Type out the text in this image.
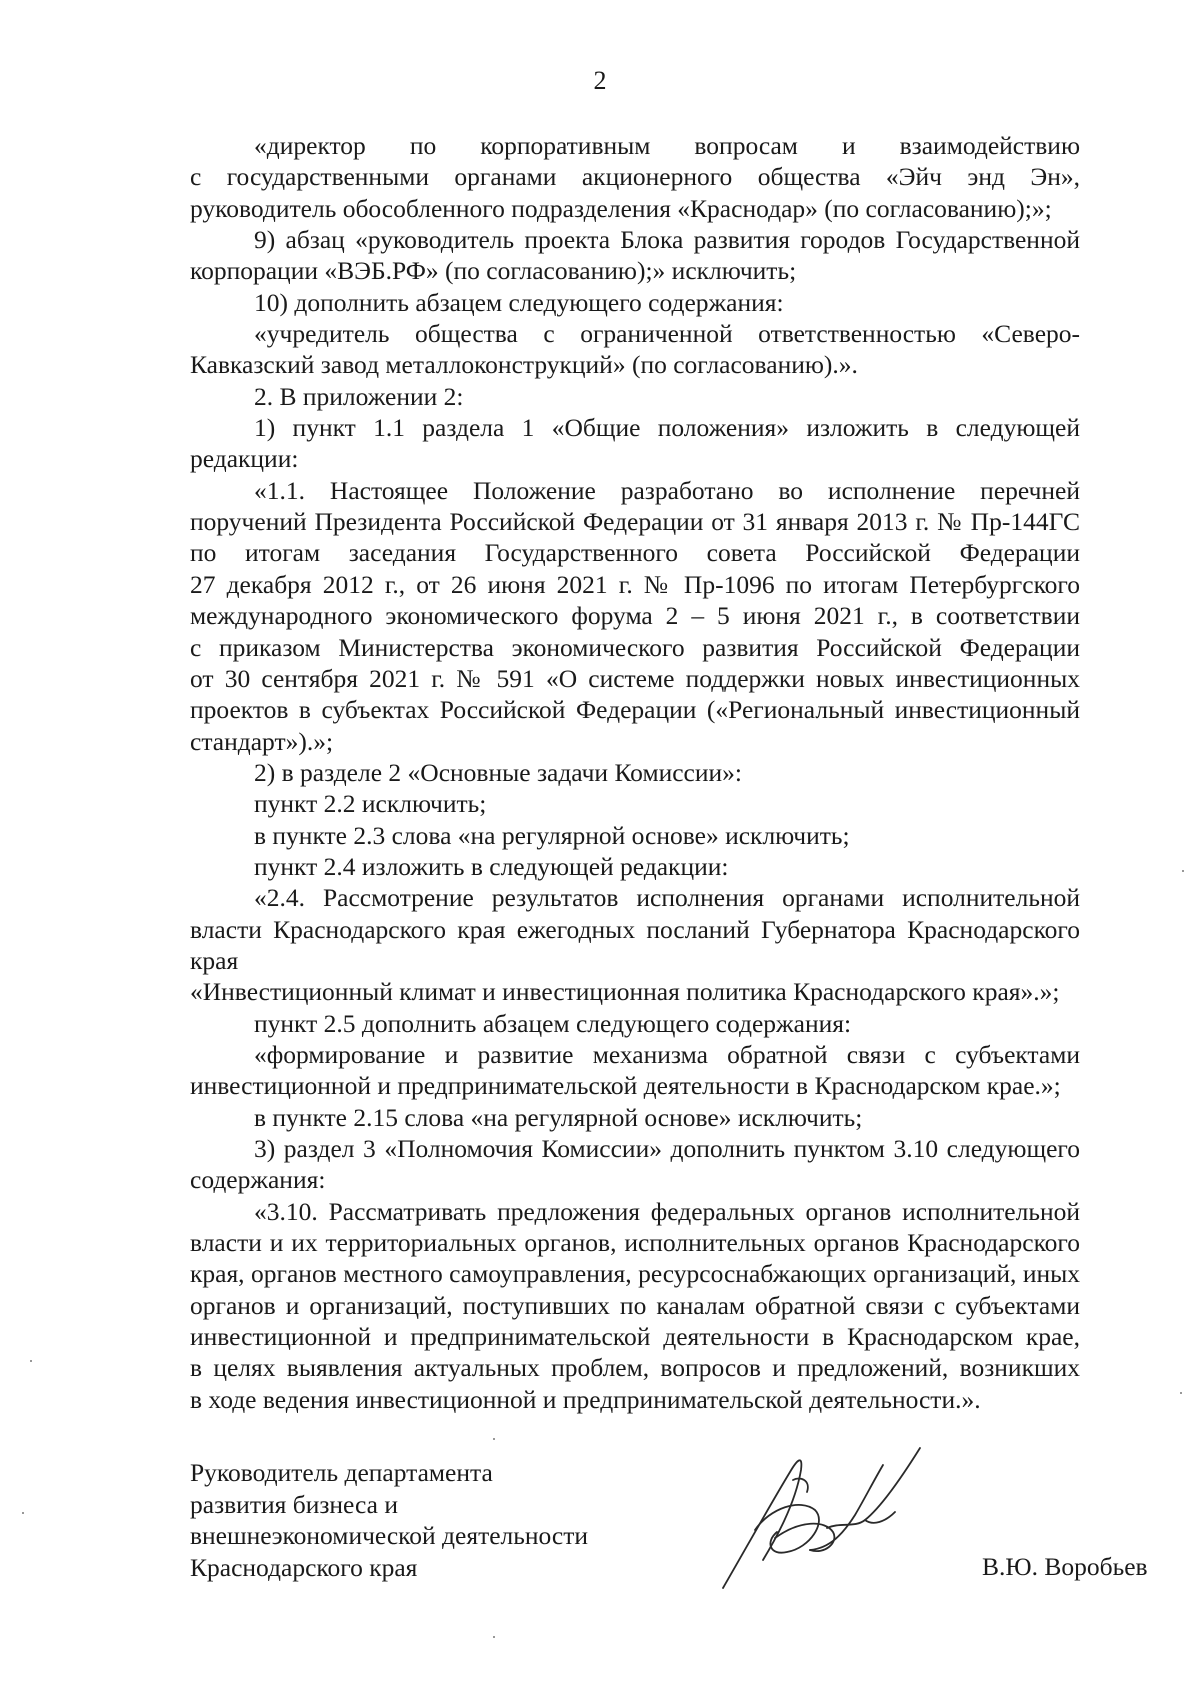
2

«директор по корпоративным вопросам и взаимодействию
с государственными органами акционерного общества «Эйч энд Эн»,
руководитель обособленного подразделения «Краснодар» (по согласованию);»;

9) абзац «руководитель проекта Блока развития городов Государственной
корпорации «ВЭБ.РФ» (по согласованию);» исключить;

10) дополнить абзацем следующего содержания:

«учредитель общества с ограниченной ответственностью «Северо-
Кавказский завод металлоконструкций» (по согласованию).».

2. В приложении 2:

1) пункт 1.1 раздела 1 «Общие положения» изложить в следующей
редакции:

«1.1. Настоящее Положение разработано во исполнение перечней
поручений Президента Российской Федерации от 31 января 2013 г. № Пр-144ГС
по итогам заседания Государственного совета Российской Федерации
27 декабря 2012 г., от 26 июня 2021 г. № Пр-1096 по итогам Петербургского
международного экономического форума 2 – 5 июня 2021 г., в соответствии
с приказом Министерства экономического развития Российской Федерации
от 30 сентября 2021 г. № 591 «О системе поддержки новых инвестиционных
проектов в субъектах Российской Федерации («Региональный инвестиционный
стандарт»).»;

2) в разделе 2 «Основные задачи Комиссии»:

пункт 2.2 исключить;

в пункте 2.3 слова «на регулярной основе» исключить;

пункт 2.4 изложить в следующей редакции:

«2.4. Рассмотрение результатов исполнения органами исполнительной
власти Краснодарского края ежегодных посланий Губернатора Краснодарского края
«Инвестиционный климат и инвестиционная политика Краснодарского края».»;

пункт 2.5 дополнить абзацем следующего содержания:

«формирование и развитие механизма обратной связи с субъектами
инвестиционной и предпринимательской деятельности в Краснодарском крае.»;

в пункте 2.15 слова «на регулярной основе» исключить;

3) раздел 3 «Полномочия Комиссии» дополнить пунктом 3.10 следующего
содержания:

«3.10. Рассматривать предложения федеральных органов исполнительной
власти и их территориальных органов, исполнительных органов Краснодарского
края, органов местного самоуправления, ресурсоснабжающих организаций, иных
органов и организаций, поступивших по каналам обратной связи с субъектами
инвестиционной и предпринимательской деятельности в Краснодарском крае,
в целях выявления актуальных проблем, вопросов и предложений, возникших
в ходе ведения инвестиционной и предпринимательской деятельности.».

Руководитель департамента
развития бизнеса и
внешнеэкономической деятельности
Краснодарского края	В.Ю. Воробьев
